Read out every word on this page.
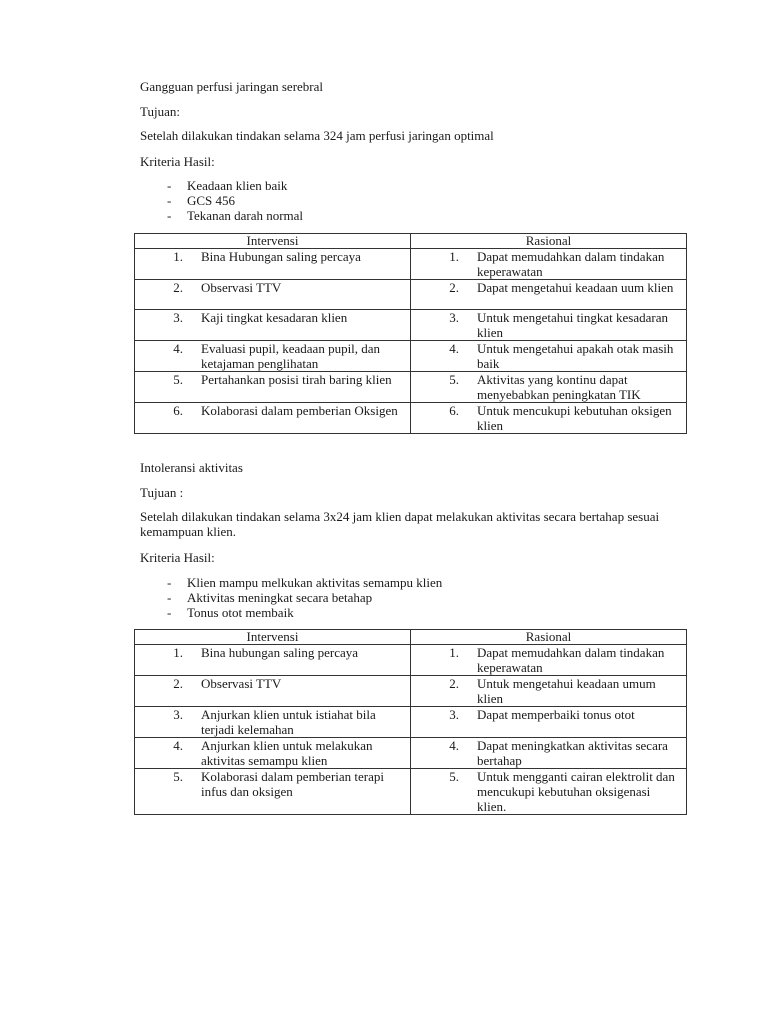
Gangguan perfusi jaringan serebral

Tujuan:

Setelah dilakukan tindakan selama 324 jam perfusi jaringan optimal

Kriteria Hasil:

- Keadaan klien baik
- GCS 456
- Tekanan darah normal
Intervensi	Rasional

1. Bina Hubungan saling percaya	1. Dapat memudahkan dalam tindakan keperawatan

2. Observasi TTV	2. Dapat mengetahui keadaan uum klien

3. Kaji tingkat kesadaran klien	3. Untuk mengetahui tingkat kesadaran klien

4. Evaluasi pupil, keadaan pupil, dan ketajaman penglihatan	4. Untuk mengetahui apakah otak masih baik

5. Pertahankan posisi tirah baring klien	5. Aktivitas yang kontinu dapat menyebabkan peningkatan TIK

6. Kolaborasi dalam pemberian Oksigen	6. Untuk mencukupi kebutuhan oksigen klien

Intoleransi aktivitas

Tujuan :

Setelah dilakukan tindakan selama 3x24 jam klien dapat melakukan aktivitas secara bertahap sesuai kemampuan klien.

Kriteria Hasil:

- Klien mampu melkukan aktivitas semampu klien
- Aktivitas meningkat secara betahap
- Tonus otot membaik
Intervensi	Rasional

1. Bina hubungan saling percaya	1. Dapat memudahkan dalam tindakan keperawatan

2. Observasi TTV	2. Untuk mengetahui keadaan umum klien

3. Anjurkan klien untuk istiahat bila terjadi kelemahan	3. Dapat memperbaiki tonus otot

4. Anjurkan klien untuk melakukan aktivitas semampu klien	4. Dapat meningkatkan aktivitas secara bertahap

5. Kolaborasi dalam pemberian terapi infus dan oksigen	5. Untuk mengganti cairan elektrolit dan mencukupi kebutuhan oksigenasi klien.
